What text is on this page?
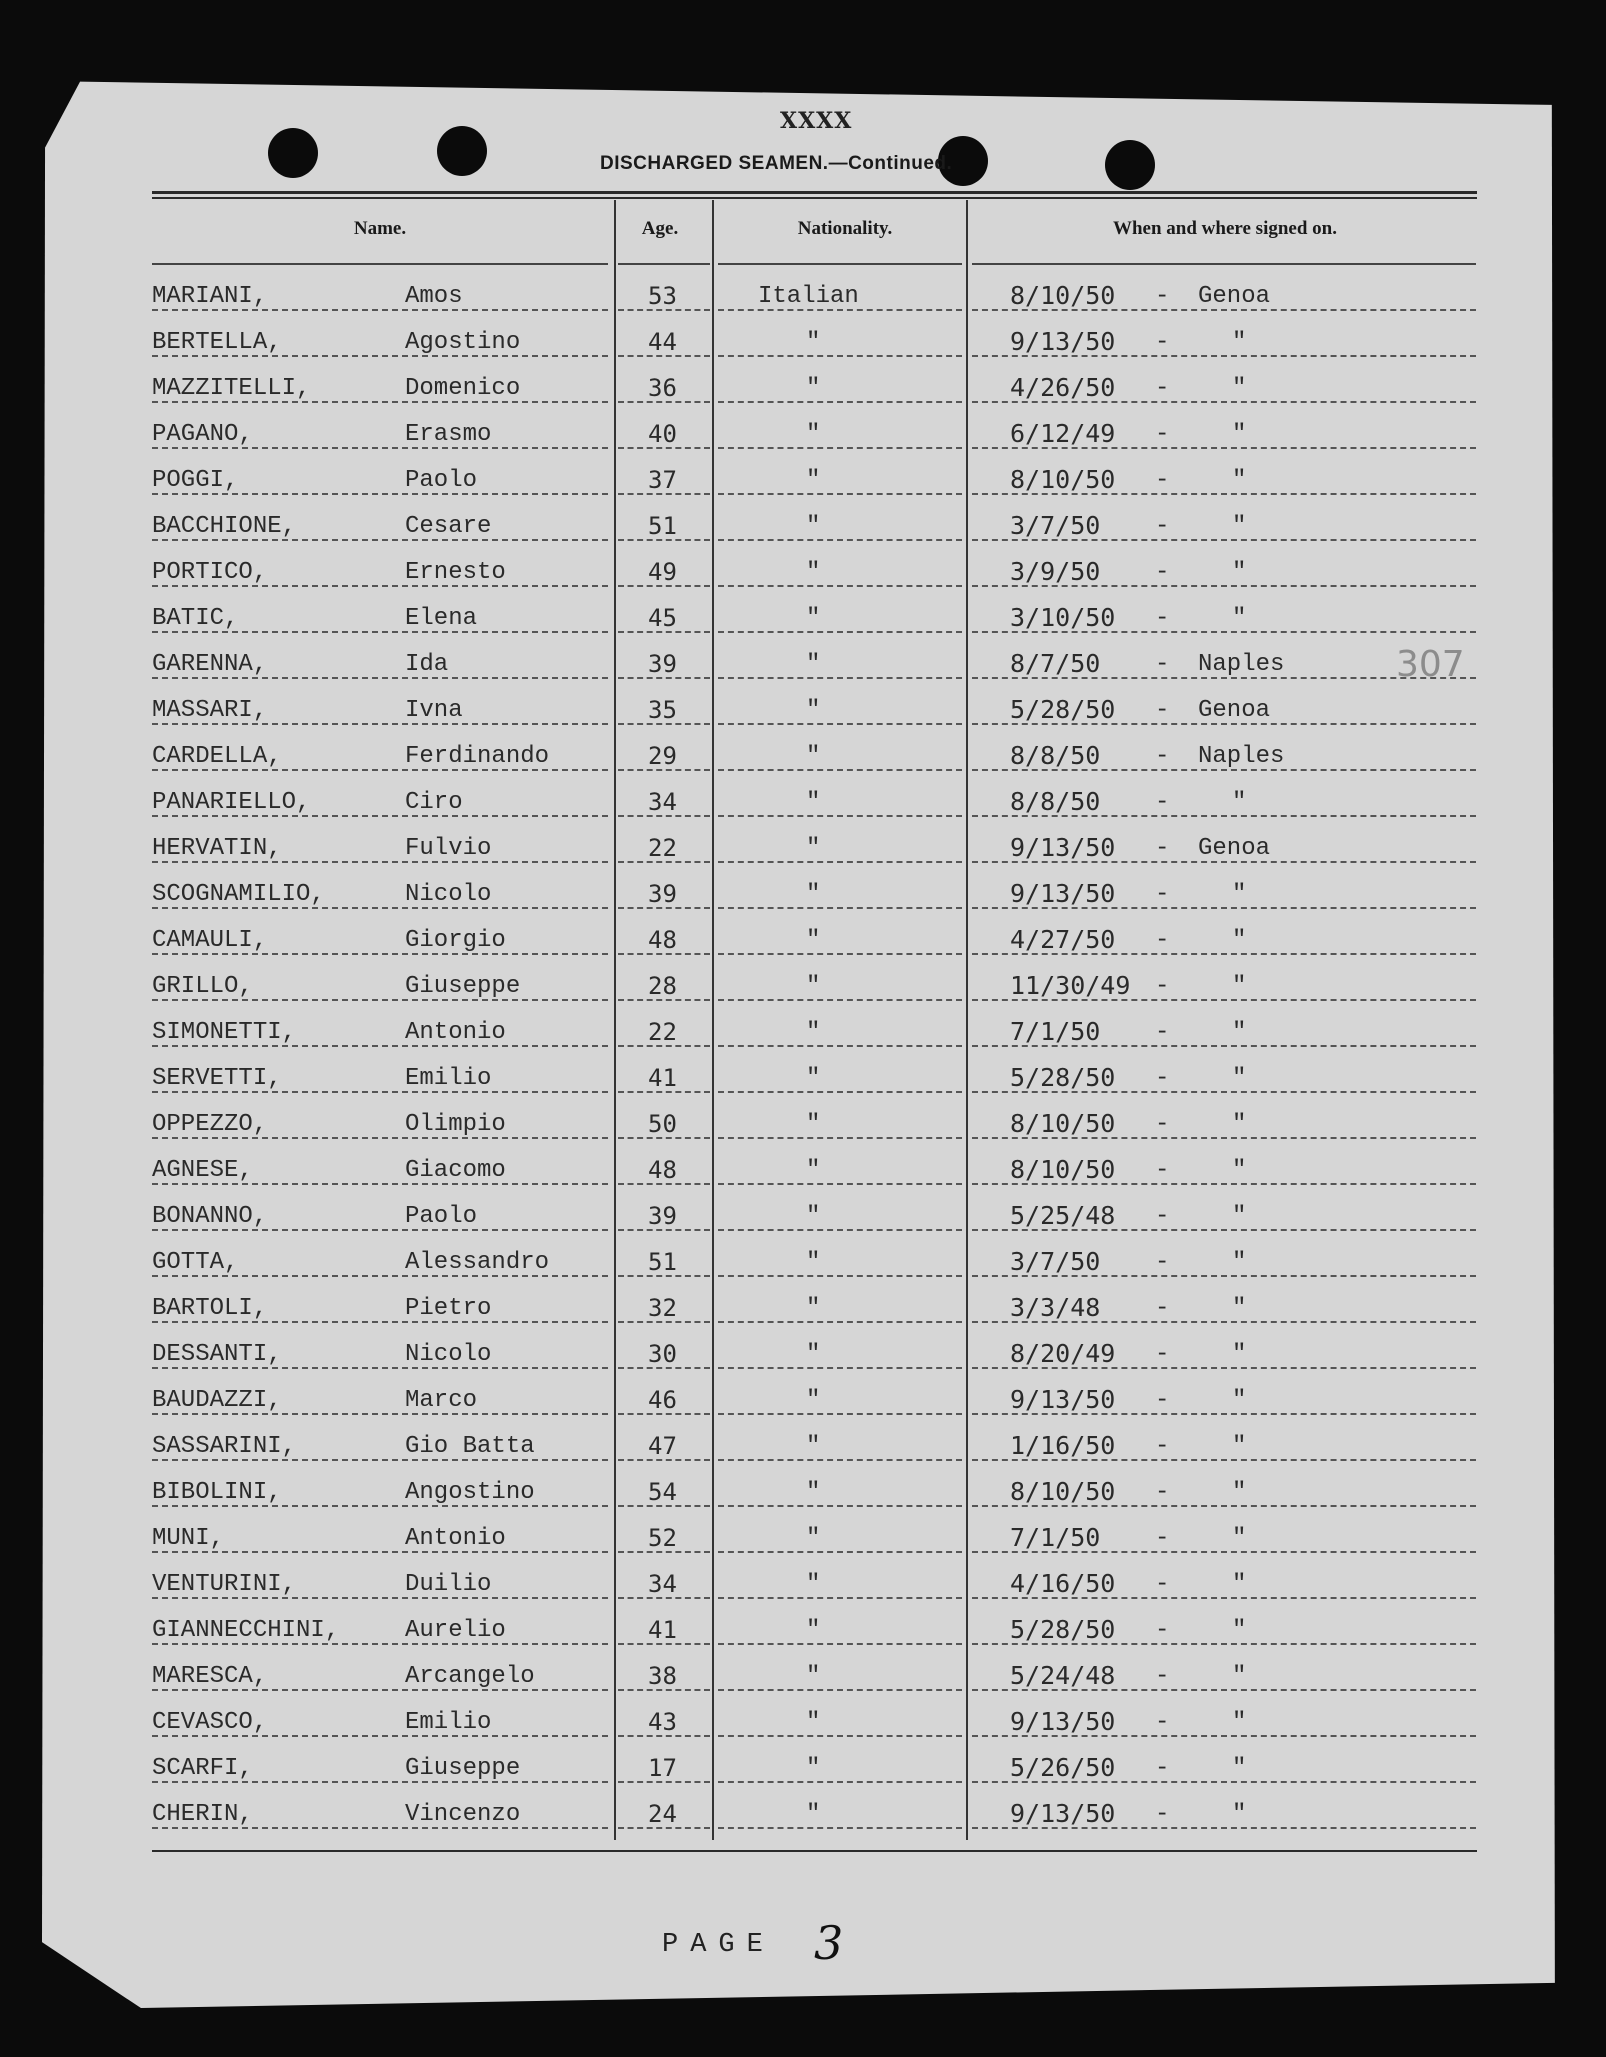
XXXX
DISCHARGED SEAMEN.—Continued.
Name.	Age.	Nationality.	When and where signed on.
MARIANI,	Amos	53	Italian	8/10/50 - Genoa
BERTELLA,	Agostino	44	"	9/13/50 -	"
MAZZITELLI,	Domenico	36	"	4/26/50 -	"
PAGANO,	Erasmo	40	"	6/12/49 -	"
POGGI,	Paolo	37	"	8/10/50 -	"
BACCHIONE,	Cesare	51	"	3/7/50 -	"
PORTICO,	Ernesto	49	"	3/9/50 -	"
BATIC,	Elena	45	"	3/10/50 -	"
GARENNA,	Ida	39	"	8/7/50 - Naples
MASSARI,	Ivna	35	"	5/28/50 - Genoa
CARDELLA,	Ferdinando	29	"	8/8/50 - Naples
PANARIELLO,	Ciro	34	"	8/8/50 -	"
HERVATIN,	Fulvio	22	"	9/13/50 - Genoa
SCOGNAMILIO,	Nicolo	39	"	9/13/50 -	"
CAMAULI,	Giorgio	48	"	4/27/50 -	"
GRILLO,	Giuseppe	28	"	11/30/49 -	"
SIMONETTI,	Antonio	22	"	7/1/50 -	"
SERVETTI,	Emilio	41	"	5/28/50 -	"
OPPEZZO,	Olimpio	50	"	8/10/50 -	"
AGNESE,	Giacomo	48	"	8/10/50 -	"
BONANNO,	Paolo	39	"	5/25/48 -	"
GOTTA,	Alessandro	51	"	3/7/50 -	"
BARTOLI,	Pietro	32	"	3/3/48 -	"
DESSANTI,	Nicolo	30	"	8/20/49 -	"
BAUDAZZI,	Marco	46	"	9/13/50 -	"
SASSARINI,	Gio Batta	47	"	1/16/50 -	"
BIBOLINI,	Angostino	54	"	8/10/50 -	"
MUNI,	Antonio	52	"	7/1/50 -	"
VENTURINI,	Duilio	34	"	4/16/50 -	"
GIANNECCHINI,	Aurelio	41	"	5/28/50 -	"
MARESCA,	Arcangelo	38	"	5/24/48 -	"
CEVASCO,	Emilio	43	"	9/13/50 -	"
SCARFI,	Giuseppe	17	"	5/26/50 -	"
CHERIN,	Vincenzo	24	"	9/13/50 -	"
307
PAGE 3
